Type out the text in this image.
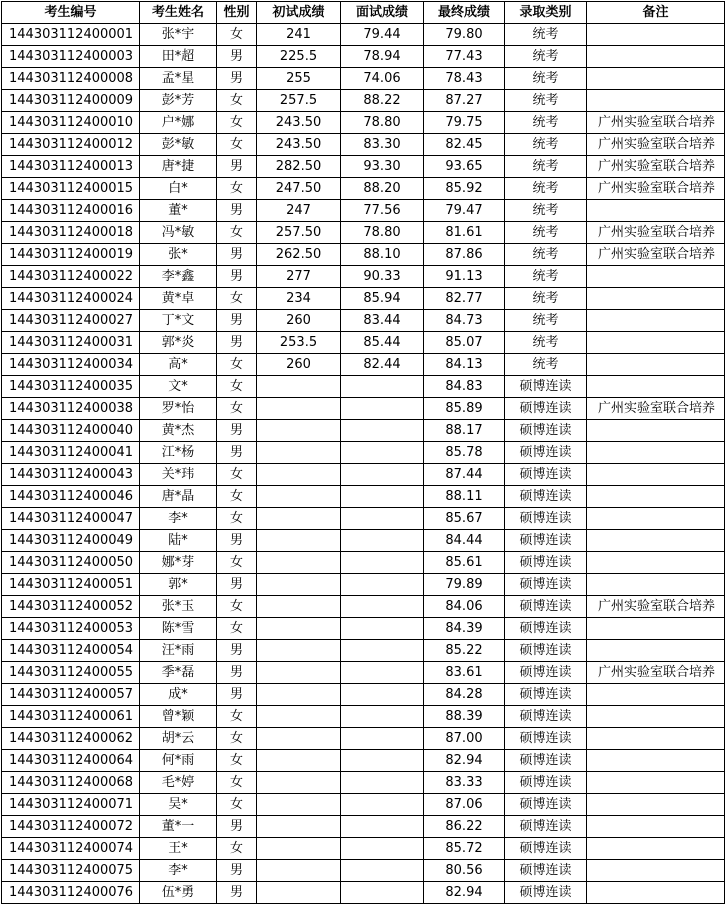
考生编号	考生姓名	性别	初试成绩	面试成绩	最终成绩	录取类别	备注
144303112400001	张*宇	女	241	79.44	79.80	统考	
144303112400003	田*超	男	225.5	78.94	77.43	统考	
144303112400008	孟*星	男	255	74.06	78.43	统考	
144303112400009	彭*芳	女	257.5	88.22	87.27	统考	
144303112400010	户*娜	女	243.50	78.80	79.75	统考	广州实验室联合培养
144303112400012	彭*敏	女	243.50	83.30	82.45	统考	广州实验室联合培养
144303112400013	唐*捷	男	282.50	93.30	93.65	统考	广州实验室联合培养
144303112400015	白*	女	247.50	88.20	85.92	统考	广州实验室联合培养
144303112400016	董*	男	247	77.56	79.47	统考	
144303112400018	冯*敏	女	257.50	78.80	81.61	统考	广州实验室联合培养
144303112400019	张*	男	262.50	88.10	87.86	统考	广州实验室联合培养
144303112400022	李*鑫	男	277	90.33	91.13	统考	
144303112400024	黄*卓	女	234	85.94	82.77	统考	
144303112400027	丁*文	男	260	83.44	84.73	统考	
144303112400031	郭*炎	男	253.5	85.44	85.07	统考	
144303112400034	高*	女	260	82.44	84.13	统考	
144303112400035	文*	女			84.83	硕博连读	
144303112400038	罗*怡	女			85.89	硕博连读	广州实验室联合培养
144303112400040	黄*杰	男			88.17	硕博连读	
144303112400041	江*杨	男			85.78	硕博连读	
144303112400043	关*玮	女			87.44	硕博连读	
144303112400046	唐*晶	女			88.11	硕博连读	
144303112400047	李*	女			85.67	硕博连读	
144303112400049	陆*	男			84.44	硕博连读	
144303112400050	娜*芽	女			85.61	硕博连读	
144303112400051	郭*	男			79.89	硕博连读	
144303112400052	张*玉	女			84.06	硕博连读	广州实验室联合培养
144303112400053	陈*雪	女			84.39	硕博连读	
144303112400054	汪*雨	男			85.22	硕博连读	
144303112400055	季*磊	男			83.61	硕博连读	广州实验室联合培养
144303112400057	成*	男			84.28	硕博连读	
144303112400061	曾*颖	女			88.39	硕博连读	
144303112400062	胡*云	女			87.00	硕博连读	
144303112400064	何*雨	女			82.94	硕博连读	
144303112400068	毛*婷	女			83.33	硕博连读	
144303112400071	吴*	女			87.06	硕博连读	
144303112400072	董*一	男			86.22	硕博连读	
144303112400074	王*	女			85.72	硕博连读	
144303112400075	李*	男			80.56	硕博连读	
144303112400076	伍*勇	男			82.94	硕博连读	
